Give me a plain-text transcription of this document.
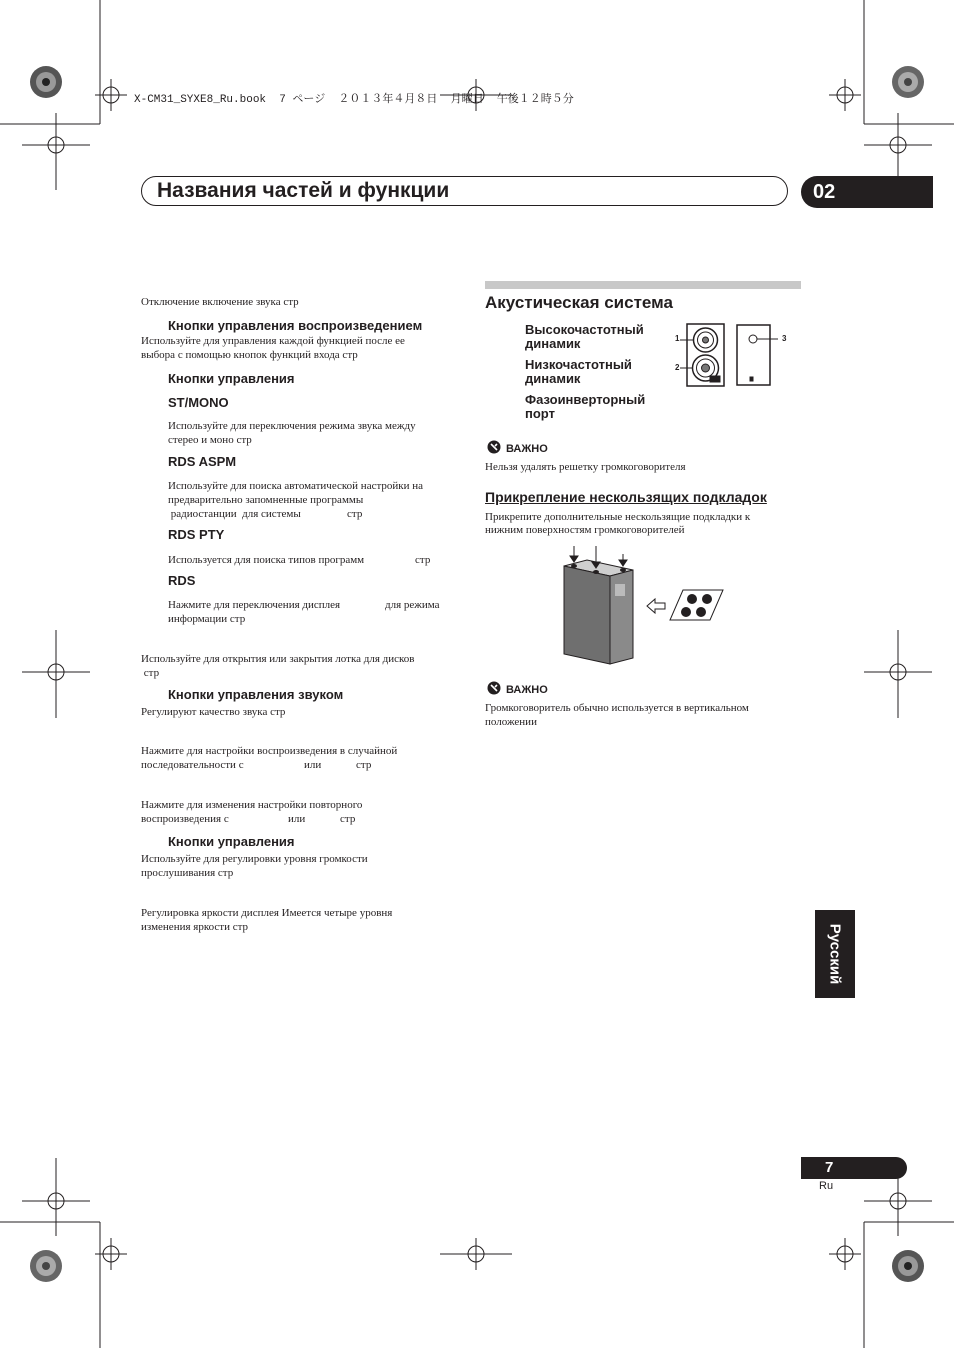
X-CM31_SYXE8_Ru.book  7 ページ  ２０１３年４月８日  月曜日  午後１２時５分
Названия частей и функции	02
Отключение включение звука стр
Кнопки управления воспроизведением
Используйте для управления каждой функцией после ее
выбора с помощью кнопок функций входа стр
Кнопки управления
ST/MONO
Используйте для переключения режима звука между
стерео и моно стр
RDS ASPM
Используйте для поиска автоматической настройки на
предварительно запомненные программы
радиостанции  для системы	стр
RDS PTY
Используется для поиска типов программ	стр
RDS
Нажмите для переключения дисплея	для режима
информации стр
Используйте для открытия или закрытия лотка для дисков
стр
Кнопки управления звуком
Регулируют качество звука стр
Нажмите для настройки воспроизведения в случайной
последовательности с	или	стр
Нажмите для изменения настройки повторного
воспроизведения с	или	стр
Кнопки управления
Используйте для регулировки уровня громкости
прослушивания стр
Регулировка яркости дисплея Имеется четыре уровня
изменения яркости стр
Акустическая система
Высокочастотный
динамик
Низкочастотный
динамик
Фазоинверторный
порт
1
2
3
ВАЖНО
Нельзя удалять решетку громкоговорителя
Прикрепление нескользящих подкладок
Прикрепите дополнительные нескользящие подкладки к
нижним поверхностям громкоговорителей
ВАЖНО
Громкоговоритель обычно используется в вертикальном
положении
Русский
7
Ru
